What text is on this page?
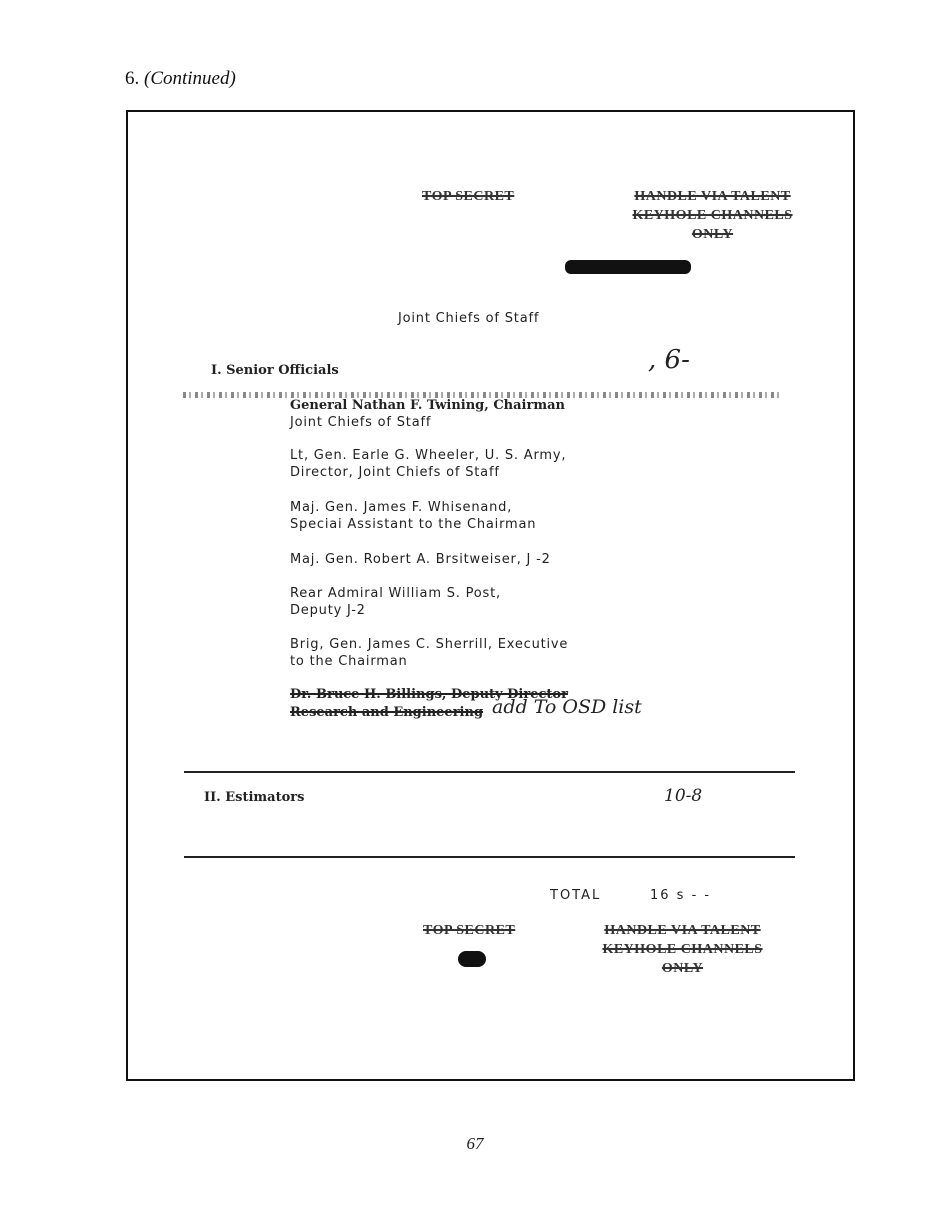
6. (Continued)
TOP SECRET	HANDLE VIA TALENT
KEYHOLE CHANNELS
ONLY
Joint Chiefs of Staff
I. Senior Officials	, 6-
General Nathan F. Twining, Chairman
Joint Chiefs of Staff
Lt, Gen. Earle G. Wheeler, U. S. Army,
Director, Joint Chiefs of Staff
Maj. Gen. James F. Whisenand,
Speciai Assistant to the Chairman
Maj. Gen. Robert A. Brsitweiser, J -2
Rear Admiral William S. Post,
Deputy J-2
Brig, Gen. James C. Sherrill, Executive
to the Chairman
Dr. Bruce H. Billings, Deputy Director
Research and Engineering add To OSD list
II. Estimators	10-8
TOTAL	16 s - -
TOP SECRET	HANDLE VIA TALENT
KEYHOLE CHANNELS
ONLY
67
